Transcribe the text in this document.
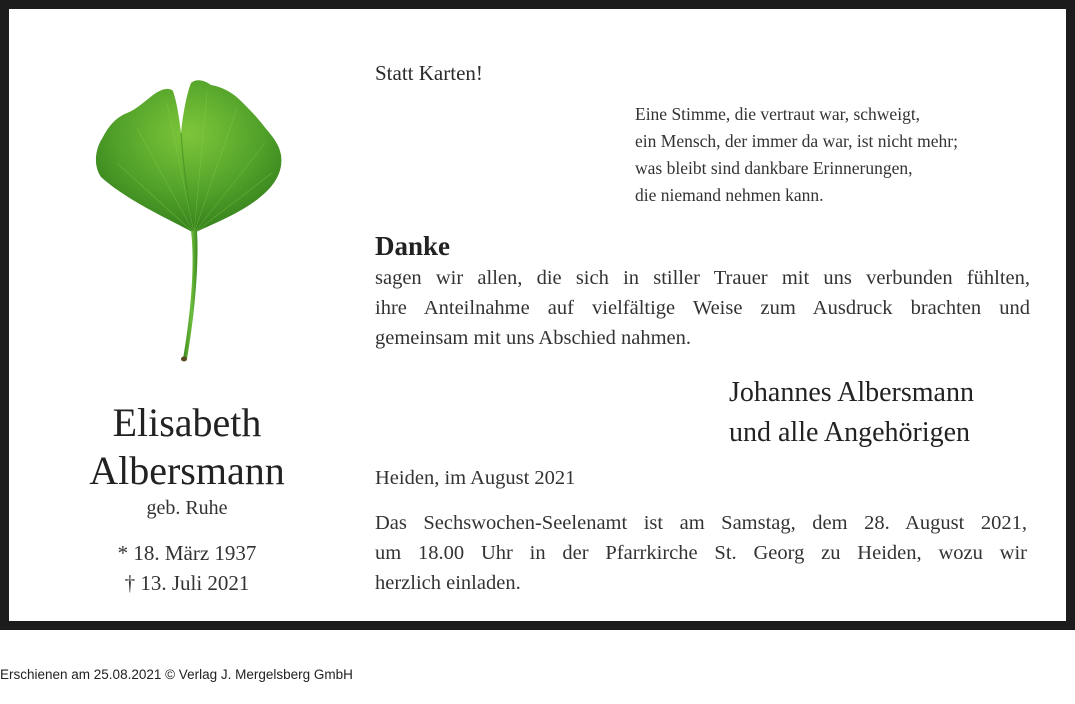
Elisabeth
Albersmann
geb. Ruhe
* 18. März 1937
† 13. Juli 2021
Statt Karten!
Eine Stimme, die vertraut war, schweigt,
ein Mensch, der immer da war, ist nicht mehr;
was bleibt sind dankbare Erinnerungen,
die niemand nehmen kann.
Danke
sagen wir allen, die sich in stiller Trauer mit uns verbunden fühlten,
ihre Anteilnahme auf vielfältige Weise zum Ausdruck brachten und
gemeinsam mit uns Abschied nahmen.
Johannes Albersmann
und alle Angehörigen
Heiden, im August 2021
Das Sechswochen-Seelenamt ist am Samstag, dem 28. August 2021,
um 18.00 Uhr in der Pfarrkirche St. Georg zu Heiden, wozu wir
herzlich einladen.
Erschienen am 25.08.2021 © Verlag J. Mergelsberg GmbH
